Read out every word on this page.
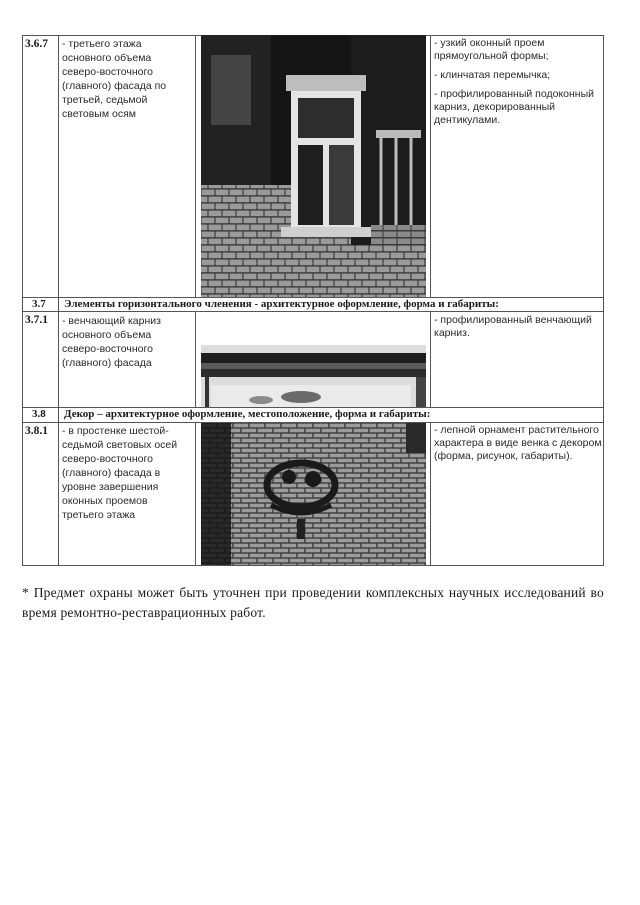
3.6.7 - третьего этажа основного объема северо-восточного (главного) фасада по третьей, седьмой световым осям

- узкий оконный проем прямоугольной формы;

- клинчатая перемычка;

- профилированный подоконный карниз, декорированный дентикулами.

3.7 Элементы горизонтального членения - архитектурное оформление, форма и габариты:
3.7.1 - венчающий карниз основного объема северо-восточного (главного) фасада

- профилированный венчающий карниз.

3.8 Декор – архитектурное оформление, местоположение, форма и габариты:
3.8.1 - в простенке шестой-седьмой световых осей северо-восточного (главного) фасада в уровне завершения оконных проемов третьего этажа

- лепной орнамент растительного характера в виде венка с декором (форма, рисунок, габариты).

* Предмет охраны может быть уточнен при проведении комплексных научных исследований во время ремонтно-реставрационных работ.
